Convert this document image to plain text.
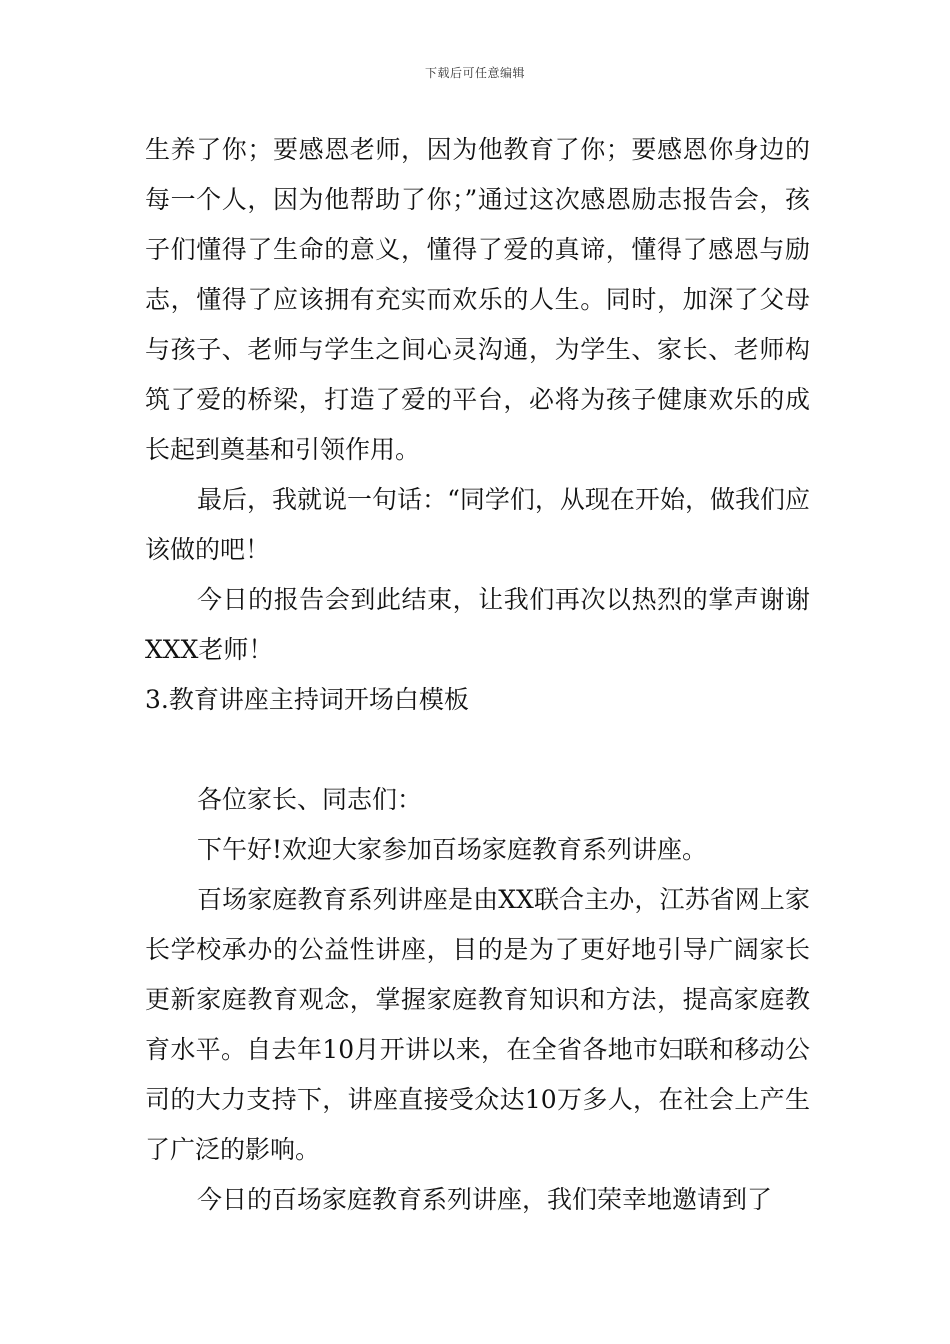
下载后可任意编辑

生养了你；要感恩老师，因为他教育了你；要感恩你身边的每一个人，因为他帮助了你；”通过这次感恩励志报告会，孩子们懂得了生命的意义，懂得了爱的真谛，懂得了感恩与励志，懂得了应该拥有充实而欢乐的人生。同时，加深了父母与孩子、老师与学生之间心灵沟通，为学生、家长、老师构筑了爱的桥梁，打造了爱的平台，必将为孩子健康欢乐的成长起到奠基和引领作用。

最后，我就说一句话：“同学们，从现在开始，做我们应该做的吧！

今日的报告会到此结束，让我们再次以热烈的掌声谢谢XXX老师！

3.教育讲座主持词开场白模板

各位家长、同志们：

下午好!欢迎大家参加百场家庭教育系列讲座。

百场家庭教育系列讲座是由XX联合主办，江苏省网上家长学校承办的公益性讲座，目的是为了更好地引导广阔家长更新家庭教育观念，掌握家庭教育知识和方法，提高家庭教育水平。自去年10月开讲以来，在全省各地市妇联和移动公司的大力支持下，讲座直接受众达10万多人，在社会上产生了广泛的影响。

今日的百场家庭教育系列讲座，我们荣幸地邀请到了
